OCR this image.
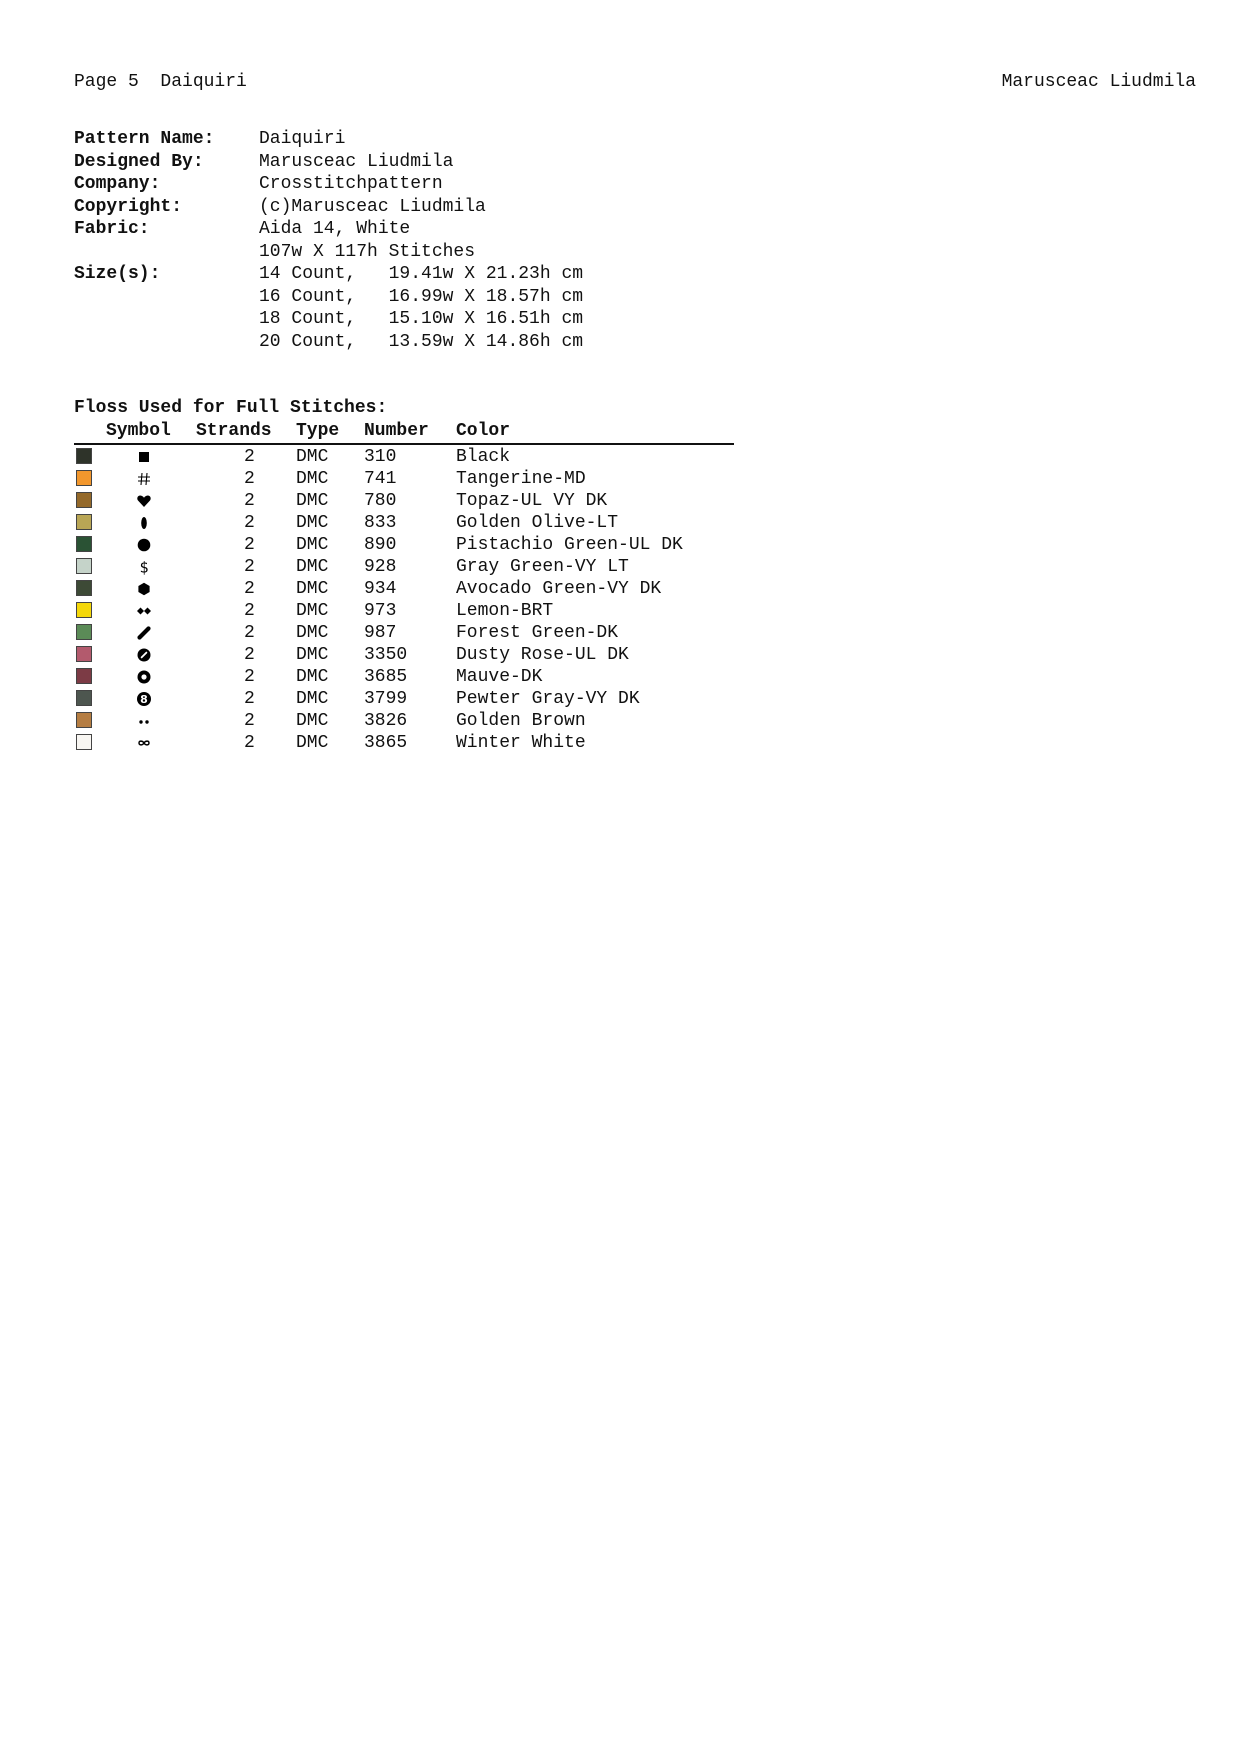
Page 5 Daiquiri	Marusceac Liudmila
Pattern Name: Daiquiri
Designed By:	Marusceac Liudmila
Company:	Crosstitchpattern
Copyright:	(c)Marusceac Liudmila
Fabric:	Aida 14, White
107w X 117h Stitches
Size(s):	14 Count,   19.41w X 21.23h cm
16 Count,   16.99w X 18.57h cm
18 Count,   15.10w X 16.51h cm
20 Count,   13.59w X 14.86h cm
Floss Used for Full Stitches:
Symbol Strands Type Number Color
2 DMC 310	Black
2 DMC 741	Tangerine-MD
2 DMC 780	Topaz-UL VY DK
2 DMC 833	Golden Olive-LT
2 DMC 890	Pistachio Green-UL DK
$	2 DMC 928	Gray Green-VY LT
2 DMC 934	Avocado Green-VY DK
2 DMC 973	Lemon-BRT
2 DMC 987	Forest Green-DK
2 DMC 3350	Dusty Rose-UL DK
2 DMC 3685	Mauve-DK
8	2 DMC 3799	Pewter Gray-VY DK
2 DMC 3826	Golden Brown
2 DMC 3865	Winter White
